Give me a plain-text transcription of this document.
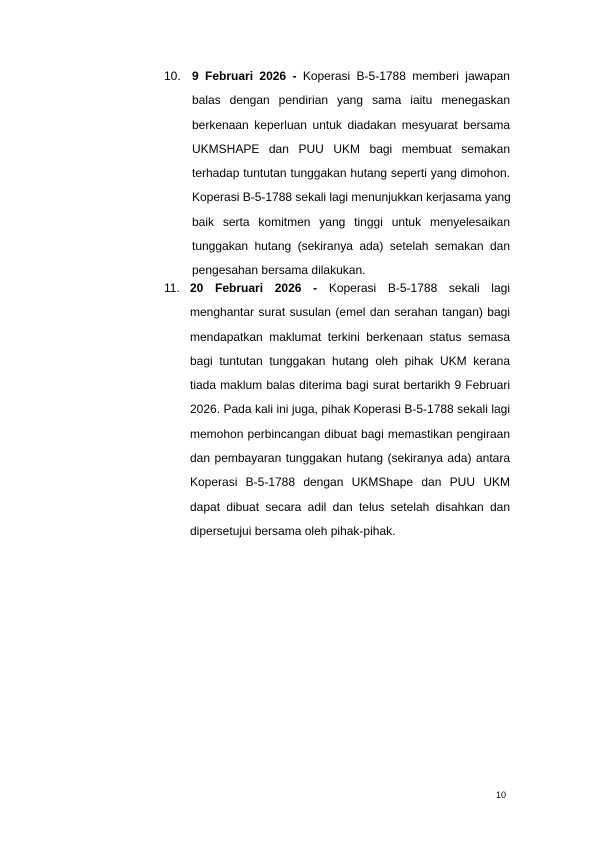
10. 9 Februari 2026 - Koperasi B-5-1788 memberi jawapan
balas dengan pendirian yang sama iaitu menegaskan
berkenaan keperluan untuk diadakan mesyuarat bersama
UKMSHAPE dan PUU UKM bagi membuat semakan
terhadap tuntutan tunggakan hutang seperti yang dimohon.
Koperasi B-5-1788 sekali lagi menunjukkan kerjasama yang
baik serta komitmen yang tinggi untuk menyelesaikan
tunggakan hutang (sekiranya ada) setelah semakan dan
pengesahan bersama dilakukan.
11. 20 Februari 2026 - Koperasi B-5-1788 sekali lagi
menghantar surat susulan (emel dan serahan tangan) bagi
mendapatkan maklumat terkini berkenaan status semasa
bagi tuntutan tunggakan hutang oleh pihak UKM kerana
tiada maklum balas diterima bagi surat bertarikh 9 Februari
2026. Pada kali ini juga, pihak Koperasi B-5-1788 sekali lagi
memohon perbincangan dibuat bagi memastikan pengiraan
dan pembayaran tunggakan hutang (sekiranya ada) antara
Koperasi B-5-1788 dengan UKMShape dan PUU UKM
dapat dibuat secara adil dan telus setelah disahkan dan
dipersetujui bersama oleh pihak-pihak.
10
